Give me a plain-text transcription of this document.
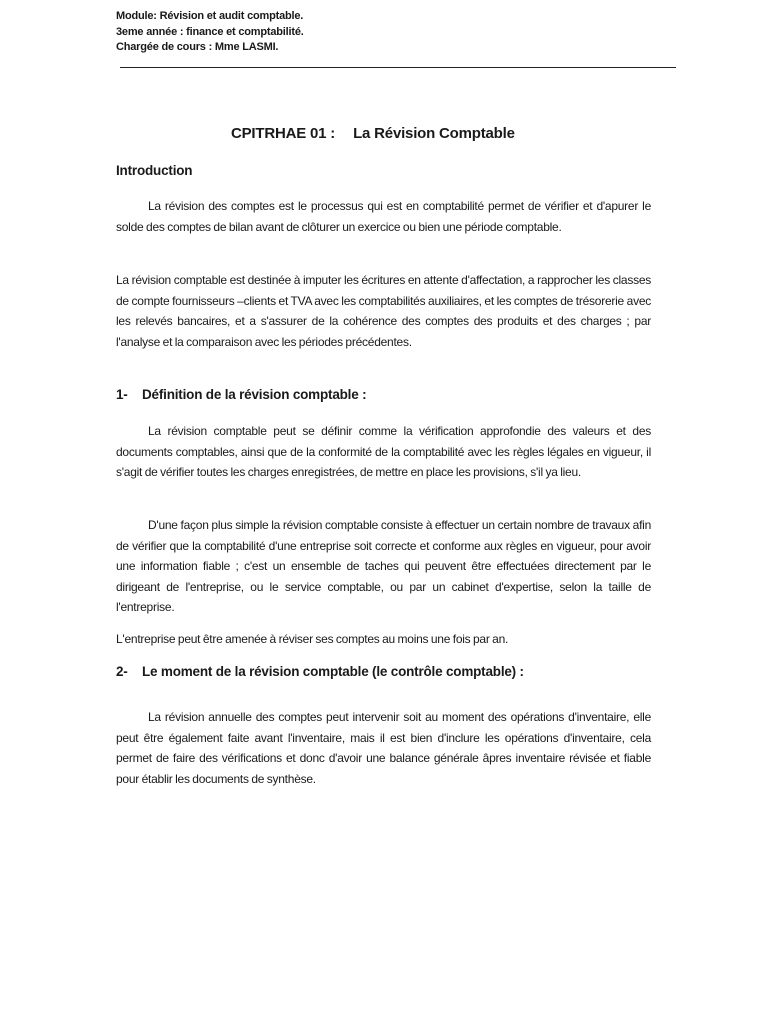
Module: Révision et audit comptable.
3eme année : finance et comptabilité.
Chargée de cours : Mme LASMI.
CPITRHAE 01 : La Révision Comptable
Introduction

La révision des comptes est le processus qui est en comptabilité permet de vérifier et d'apurer le solde des comptes de bilan avant de clôturer un exercice ou bien une période comptable.

La révision comptable est destinée à imputer les écritures en attente d'affectation, a rapprocher les classes de compte fournisseurs –clients et TVA avec les comptabilités auxiliaires, et les comptes de trésorerie avec les relevés bancaires, et a s'assurer de la cohérence des comptes des produits et des charges ; par l'analyse et la comparaison avec les périodes précédentes.

1- Définition de la révision comptable :

La révision comptable peut se définir comme la vérification approfondie des valeurs et des documents comptables, ainsi que de la conformité de la comptabilité avec les règles légales en vigueur, il s'agit de vérifier toutes les charges enregistrées, de mettre en place les provisions, s'il ya lieu.

D'une façon plus simple la révision comptable consiste à effectuer un certain nombre de travaux afin de vérifier que la comptabilité d'une entreprise soit correcte et conforme aux règles en vigueur, pour avoir une information fiable ; c'est un ensemble de taches qui peuvent être effectuées directement par le dirigeant de l'entreprise, ou le service comptable, ou par un cabinet d'expertise, selon la taille de l'entreprise.

L'entreprise peut être amenée à réviser ses comptes au moins une fois par an.

2- Le moment de la révision comptable (le contrôle comptable) :

La révision annuelle des comptes peut intervenir soit au moment des opérations d'inventaire, elle peut être également faite avant l'inventaire, mais il est bien d'inclure les opérations d'inventaire, cela permet de faire des vérifications et donc d'avoir une balance générale âpres inventaire révisée et fiable pour établir les documents de synthèse.
